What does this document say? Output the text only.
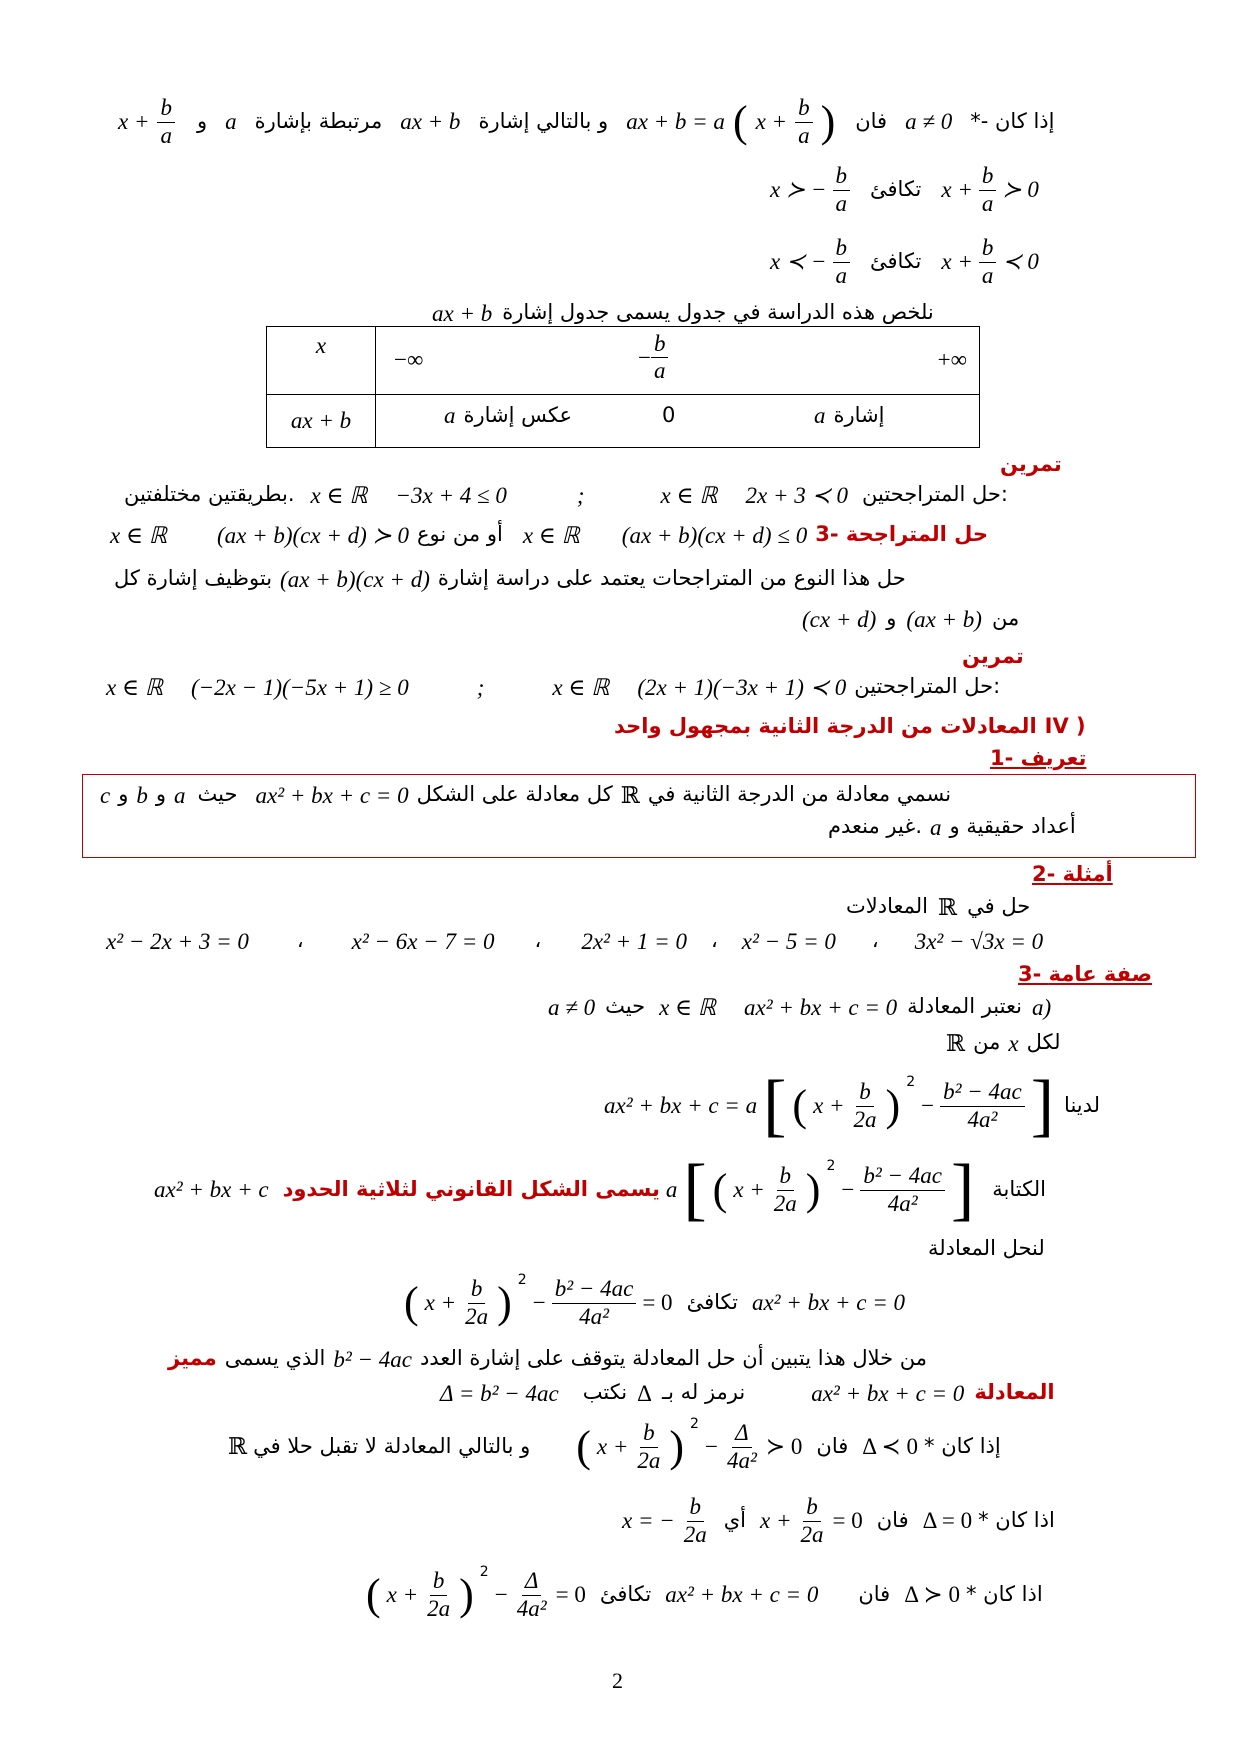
$x + \frac{b}{a}$ و a مرتبطة بإشارة ax + b و بالتالي إشارة ax + b = a ( $x + \frac{b}{a}$ ) فان a ≠ 0 *- إذا كان
x ≻ − $\frac{b}{a}$ تكافئ $x + \frac{b}{a}$ ≻ 0
x ≺ − $\frac{b}{a}$ تكافئ $x + \frac{b}{a}$ ≺ 0
ax + b نلخص هذه الدراسة في جدول يسمى جدول إشارة
x	−∞ − $\frac{b}{a}$ +∞

ax + b	a عكس إشارة 0 a إشارة
تمرين
بطريقتين مختلفتين. x ∈ ℝ −3x + 4 ≤ 0	;	x ∈ ℝ 2x + 3 ≺ 0 حل المتراجحتين:
x ∈ ℝ (ax + b)(cx + d) ≻ 0 أو من نوع x ∈ ℝ (ax + b)(cx + d) ≤ 0 3- حل المتراجحة
بتوظيف إشارة كل (ax + b)(cx + d) حل هذا النوع من المتراجحات يعتمد على دراسة إشارة
(cx + d) و (ax + b) من
تمرين
x ∈ ℝ (−2x − 1)(−5x + 1) ≥ 0	;	x ∈ ℝ (2x + 1)(−3x + 1) ≺ 0 حل المتراجحتين:
المعادلات من الدرجة الثانية بمجهول واحد IV )
1- تعريف
c و b و a حيث ax² + bx + c = 0 كل معادلة على الشكل ℝ نسمي معادلة من الدرجة الثانية في
غير منعدم. a أعداد حقيقية و
2- أمثلة
المعادلات ℝ حل في
x² − 2x + 3 = 0 ، x² − 6x − 7 = 0 ، 2x² + 1 = 0 ، x² − 5 = 0 ، 3x² − √3x = 0
3- صفة عامة
a ≠ 0 حيث x ∈ ℝ ax² + bx + c = 0 نعتبر المعادلة a)
ℝ من x لكل
ax² + bx + c = a [ ( $x + \frac{b}{2a}$ ) $^2$
− $\frac{\text{b² − 4ac}}{\text{4a²}}$ ] لدينا
ax² + bx + c يسمى الشكل القانوني لثلاثية الحدود a [ ( $x + \frac{b}{2a}$ ) $^2$
− $\frac{\text{b² − 4ac}}{\text{4a²}}$ ] الكتابة
لنحل المعادلة
( $x + \frac{b}{2a}$ ) $^2$
− $\frac{\text{b² − 4ac}}{\text{4a²}} = 0$ تكافئ ax² + bx + c = 0
مميز الذي يسمى b² − 4ac من خلال هذا يتبين أن حل المعادلة يتوقف على إشارة العدد
Δ = b² − 4ac نكتب Δ نرمز له بـ	ax² + bx + c = 0 المعادلة
ℝ و بالتالي المعادلة لا تقبل حلا في ( $x + \frac{b}{2a}$ ) $^2$
− $\frac{\Delta}{\text{4a²}}$ ≻ 0 فان Δ ≺ 0 * إذا كان
x = − $\frac{b}{2a}$ أي $x + \frac{b}{2a} = 0$ فان Δ = 0 * اذا كان
( $x + \frac{b}{2a}$ ) $^2$
− $\frac{\Delta}{\text{4a²}} = 0$ تكافئ ax² + bx + c = 0 فان Δ ≻ 0 * اذا كان
2
